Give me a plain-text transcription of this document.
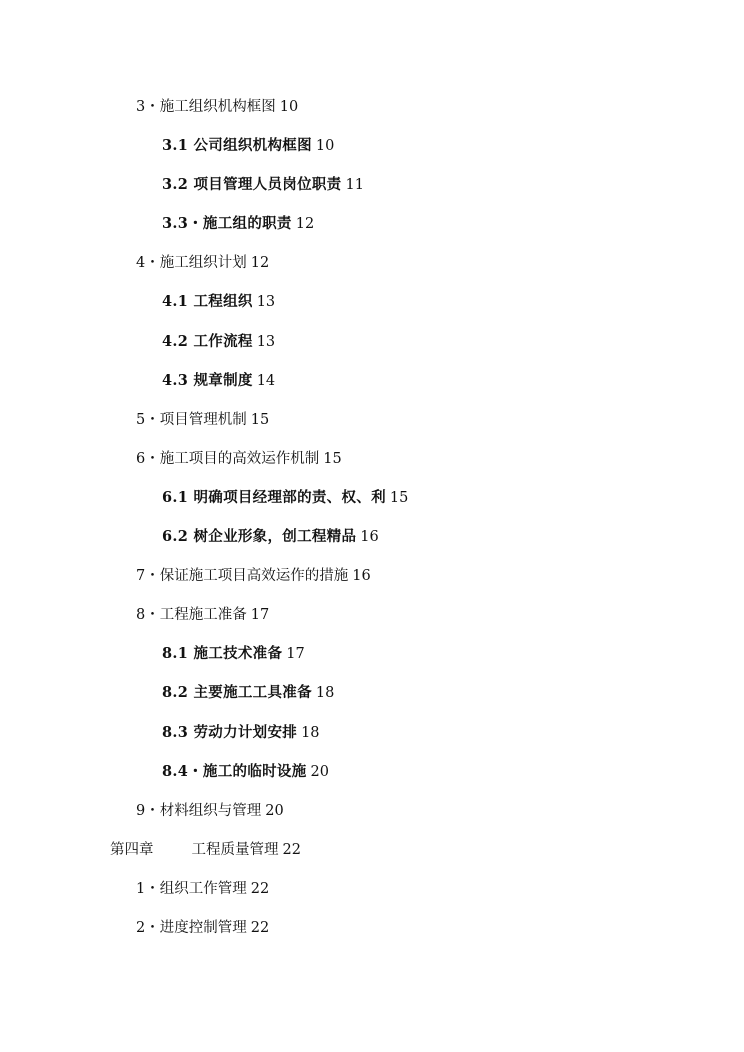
3・施工组织机构框图 10
3.1 公司组织机构框图 10
3.2 项目管理人员岗位职责 11
3.3・施工组的职责 12
4・施工组织计划 12
4.1 工程组织 13
4.2 工作流程 13
4.3 规章制度 14
5・项目管理机制 15
6・施工项目的高效运作机制 15
6.1 明确项目经理部的责、权、利 15
6.2 树企业形象，创工程精品 16
7・保证施工项目高效运作的措施 16
8・工程施工准备 17
8.1 施工技术准备 17
8.2 主要施工工具准备 18
8.3 劳动力计划安排 18
8.4・施工的临时设施 20
9・材料组织与管理 20
第四章	工程质量管理 22
1・组织工作管理 22
2・进度控制管理 22
